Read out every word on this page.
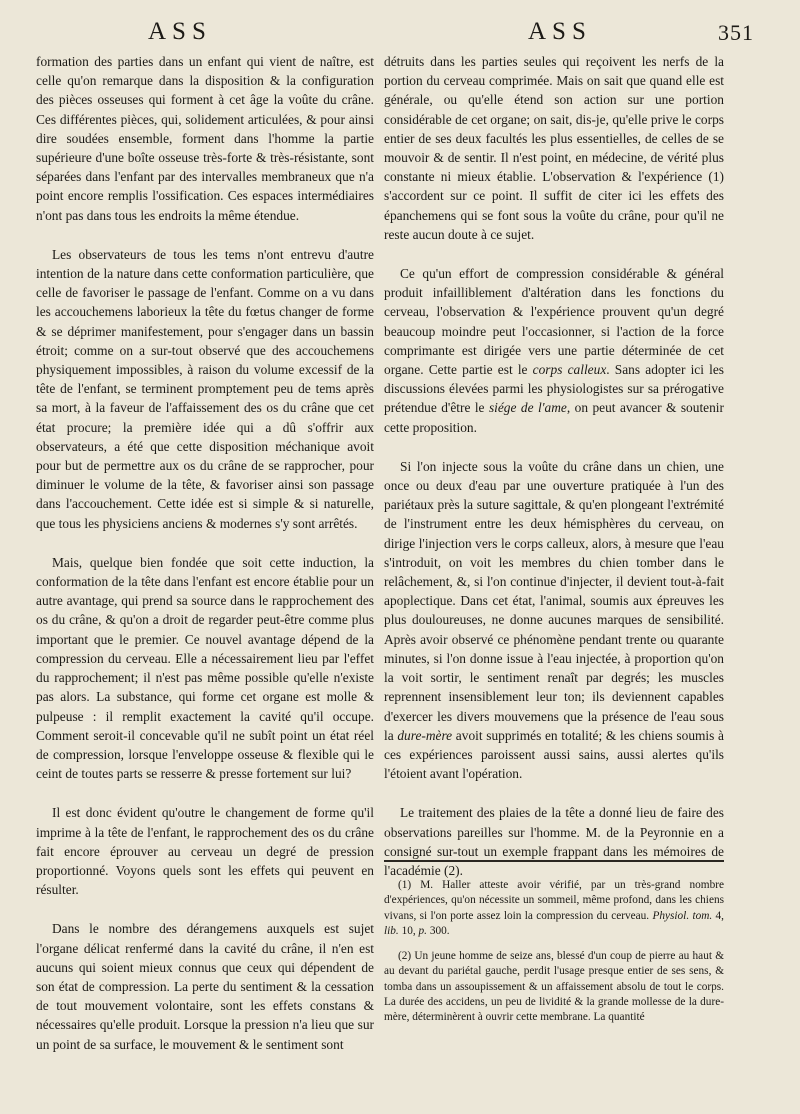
ASS	ASS	351

formation des parties dans un enfant qui vient de naître, est celle qu'on remarque dans la disposition & la configuration des pièces osseuses qui forment à cet âge la voûte du crâne. Ces différentes pièces, qui, solidement articulées, & pour ainsi dire soudées ensemble, forment dans l'homme la partie supérieure d'une boîte osseuse très-forte & très-résistante, sont séparées dans l'enfant par des intervalles membraneux que n'a point encore remplis l'ossification. Ces espaces intermédiaires n'ont pas dans tous les endroits la même étendue.

Les observateurs de tous les tems n'ont entrevu d'autre intention de la nature dans cette conformation particulière, que celle de favoriser le passage de l'enfant. Comme on a vu dans les accouchemens laborieux la tête du fœtus changer de forme & se déprimer manifestement, pour s'engager dans un bassin étroit; comme on a sur-tout observé que des accouchemens physiquement impossibles, à raison du volume excessif de la tête de l'enfant, se terminent promptement peu de tems après sa mort, à la faveur de l'affaissement des os du crâne que cet état procure; la première idée qui a dû s'offrir aux observateurs, a été que cette disposition méchanique avoit pour but de permettre aux os du crâne de se rapprocher, pour diminuer le volume de la tête, & favoriser ainsi son passage dans l'accouchement. Cette idée est si simple & si naturelle, que tous les physiciens anciens & modernes s'y sont arrêtés.

Mais, quelque bien fondée que soit cette induction, la conformation de la tête dans l'enfant est encore établie pour un autre avantage, qui prend sa source dans le rapprochement des os du crâne, & qu'on a droit de regarder peut-être comme plus important que le premier. Ce nouvel avantage dépend de la compression du cerveau. Elle a nécessairement lieu par l'effet du rapprochement; il n'est pas même possible qu'elle n'existe pas alors. La substance, qui forme cet organe est molle & pulpeuse : il remplit exactement la cavité qu'il occupe. Comment seroit-il concevable qu'il ne subît point un état réel de compression, lorsque l'enveloppe osseuse & flexible qui le ceint de toutes parts se resserre & presse fortement sur lui?

Il est donc évident qu'outre le changement de forme qu'il imprime à la tête de l'enfant, le rapprochement des os du crâne fait encore éprouver au cerveau un degré de pression proportionné. Voyons quels sont les effets qui peuvent en résulter.

Dans le nombre des dérangemens auxquels est sujet l'organe délicat renfermé dans la cavité du crâne, il n'en est aucuns qui soient mieux connus que ceux qui dépendent de son état de compression. La perte du sentiment & la cessation de tout mouvement volontaire, sont les effets constans & nécessaires qu'elle produit. Lorsque la pression n'a lieu que sur un point de sa surface, le mouvement & le sentiment sont

détruits dans les parties seules qui reçoivent les nerfs de la portion du cerveau comprimée. Mais on sait que quand elle est générale, ou qu'elle étend son action sur une portion considérable de cet organe; on sait, dis-je, qu'elle prive le corps entier de ses deux facultés les plus essentielles, de celles de se mouvoir & de sentir. Il n'est point, en médecine, de vérité plus constante ni mieux établie. L'observation & l'expérience (1) s'accordent sur ce point. Il suffit de citer ici les effets des épanchemens qui se font sous la voûte du crâne, pour qu'il ne reste aucun doute à ce sujet.

Ce qu'un effort de compression considérable & général produit infailliblement d'altération dans les fonctions du cerveau, l'observation & l'expérience prouvent qu'un degré beaucoup moindre peut l'occasionner, si l'action de la force comprimante est dirigée vers une partie déterminée de cet organe. Cette partie est le corps calleux. Sans adopter ici les discussions élevées parmi les physiologistes sur sa prérogative prétendue d'être le siége de l'ame, on peut avancer & soutenir cette proposition.

Si l'on injecte sous la voûte du crâne dans un chien, une once ou deux d'eau par une ouverture pratiquée à l'un des pariétaux près la suture sagittale, & qu'en plongeant l'extrémité de l'instrument entre les deux hémisphères du cerveau, on dirige l'injection vers le corps calleux, alors, à mesure que l'eau s'introduit, on voit les membres du chien tomber dans le relâchement, &, si l'on continue d'injecter, il devient tout-à-fait apoplectique. Dans cet état, l'animal, soumis aux épreuves les plus douloureuses, ne donne aucunes marques de sensibilité. Après avoir observé ce phénomène pendant trente ou quarante minutes, si l'on donne issue à l'eau injectée, à proportion qu'on la voit sortir, le sentiment renaît par degrés; les muscles reprennent insensiblement leur ton; ils deviennent capables d'exercer les divers mouvemens que la présence de l'eau sous la dure-mère avoit supprimés en totalité; & les chiens soumis à ces expériences paroissent aussi sains, aussi alertes qu'ils l'étoient avant l'opération.

Le traitement des plaies de la tête a donné lieu de faire des observations pareilles sur l'homme. M. de la Peyronnie en a consigné sur-tout un exemple frappant dans les mémoires de l'académie (2).

(1) M. Haller atteste avoir vérifié, par un très-grand nombre d'expériences, qu'on nécessite un sommeil, même profond, dans les chiens vivans, si l'on porte assez loin la compression du cerveau. Physiol. tom. 4, lib. 10, p. 300.

(2) Un jeune homme de seize ans, blessé d'un coup de pierre au haut & au devant du pariétal gauche, perdit l'usage presque entier de ses sens, & tomba dans un assoupissement & un affaissement absolu de tout le corps. La durée des accidens, un peu de lividité & la grande mollesse de la dure-mère, déterminèrent à ouvrir cette membrane. La quantité
